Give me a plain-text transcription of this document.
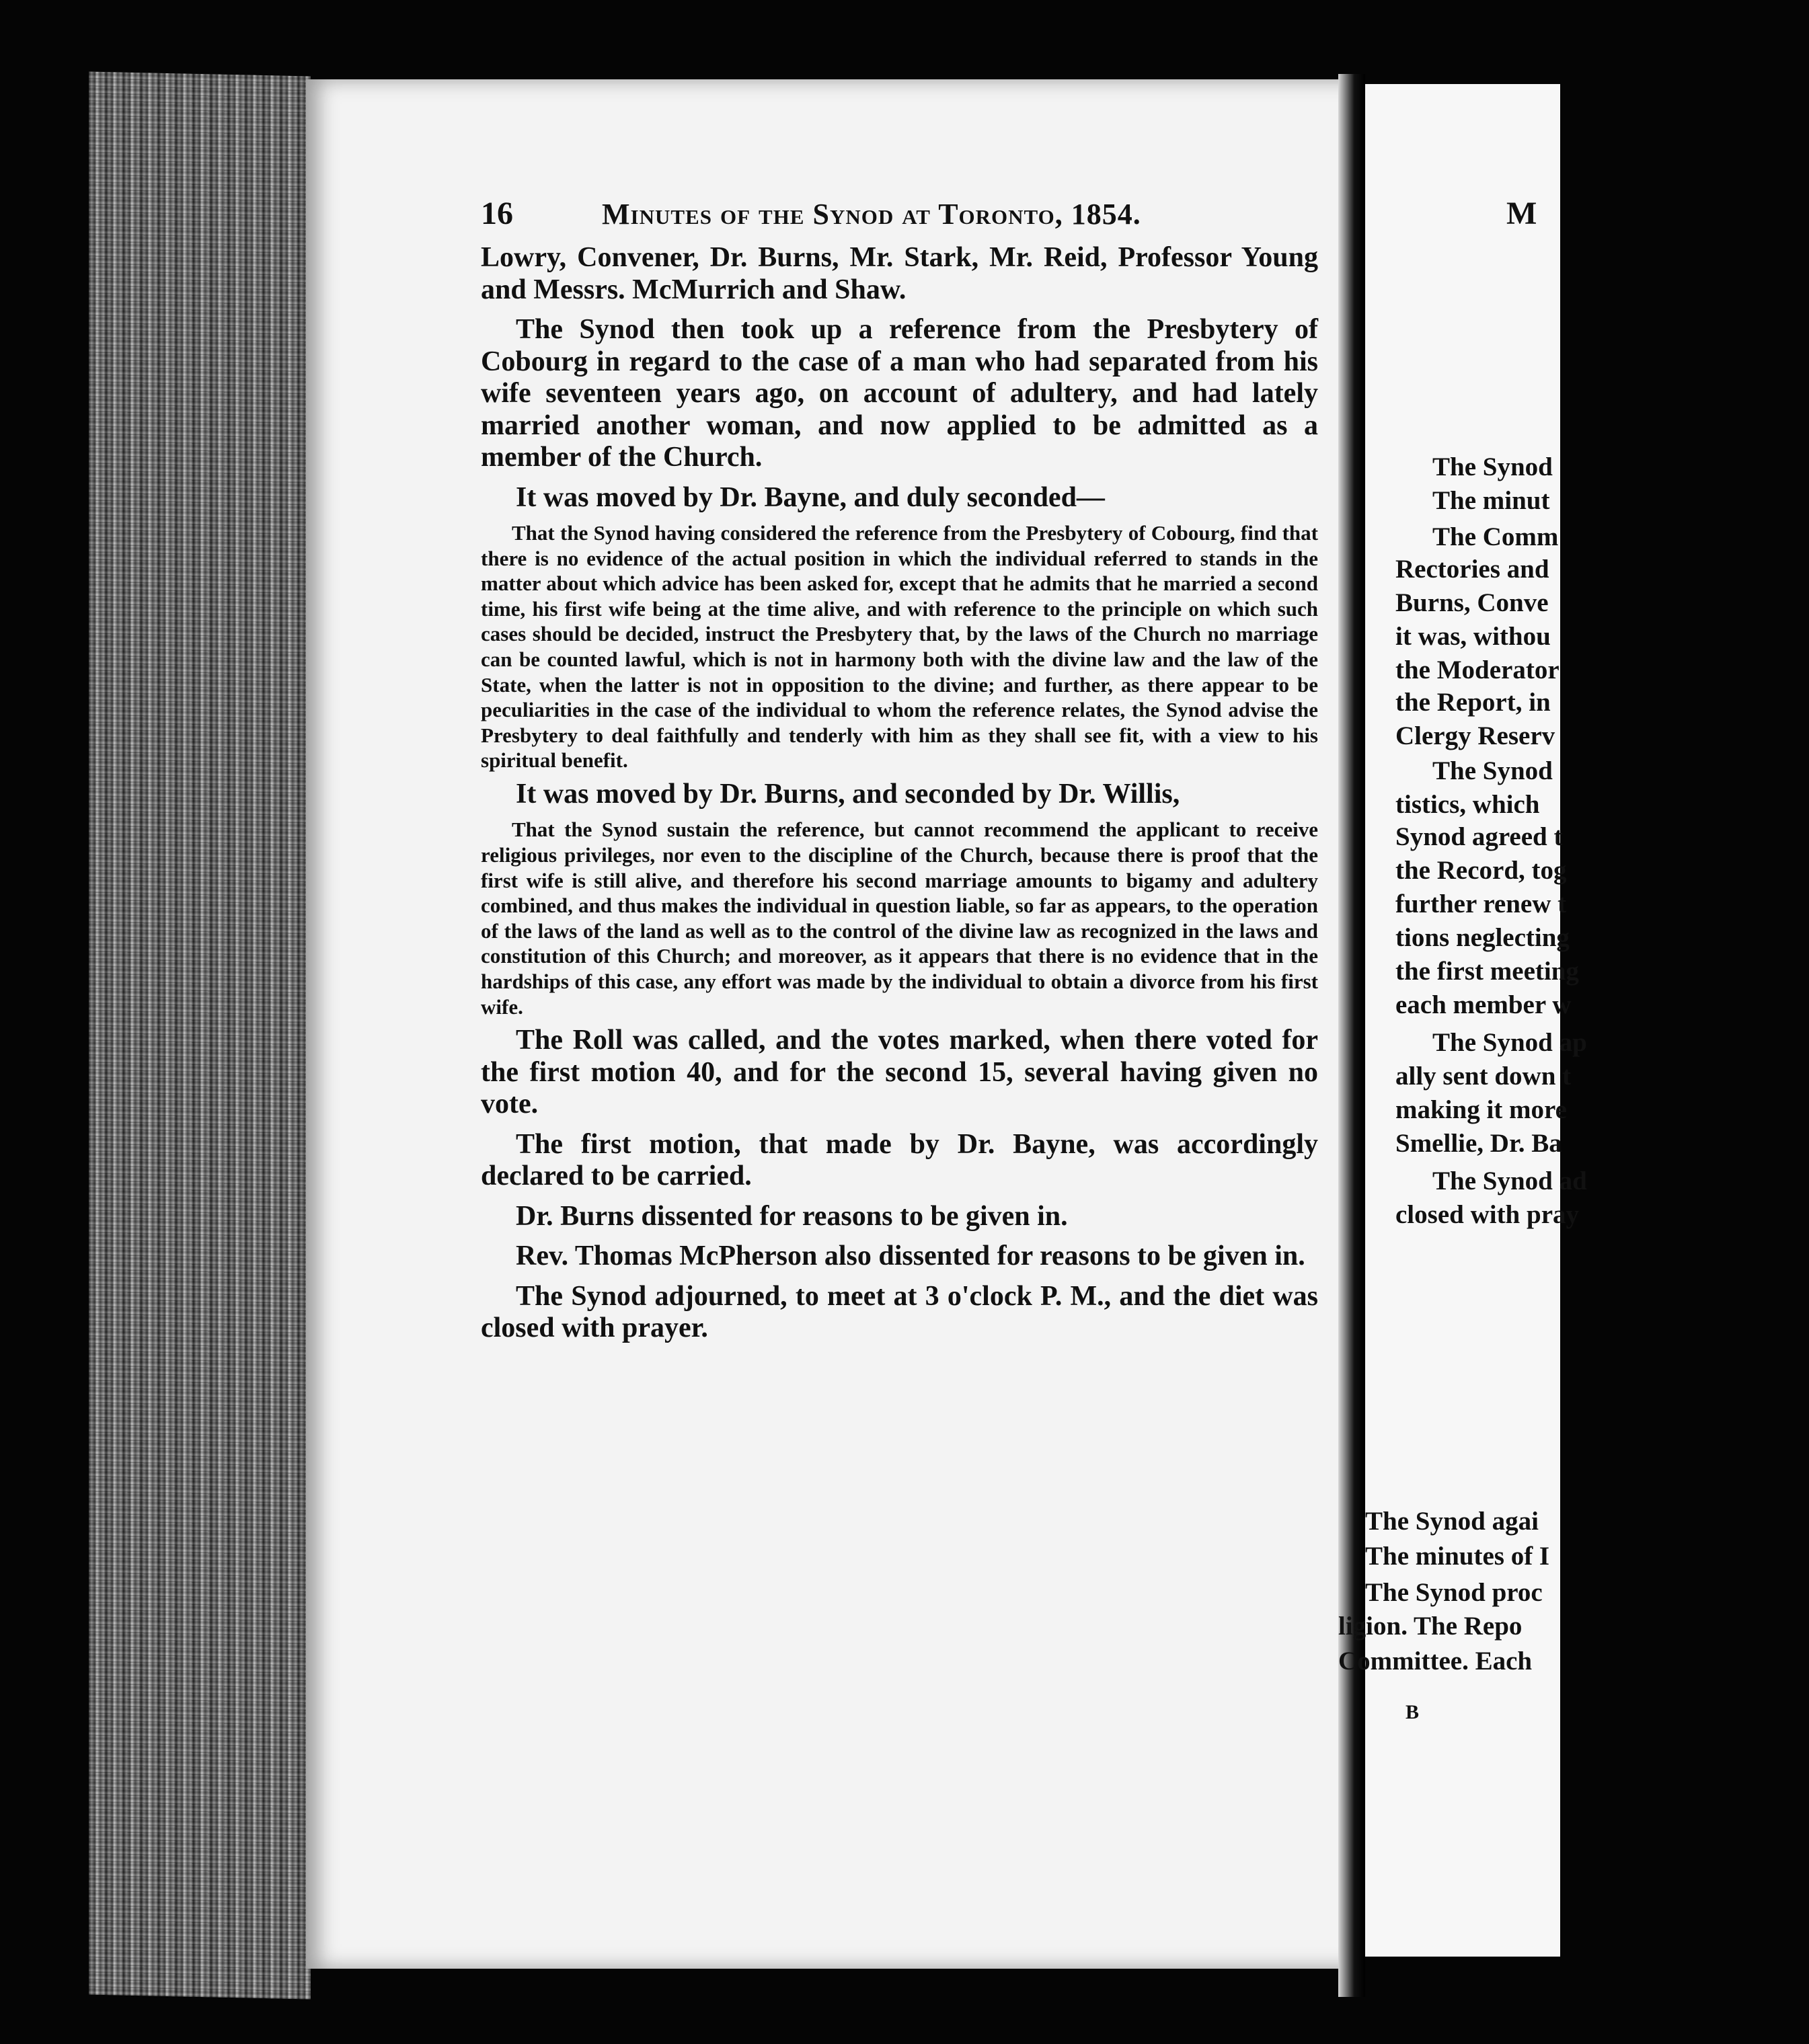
16	Minutes of the Synod at Toronto, 1854.

Lowry, Convener, Dr. Burns, Mr. Stark, Mr. Reid, Professor Young and Messrs. McMurrich and Shaw.

The Synod then took up a reference from the Presbytery of Cobourg in regard to the case of a man who had separated from his wife seventeen years ago, on account of adultery, and had lately married another woman, and now applied to be admitted as a member of the Church.

It was moved by Dr. Bayne, and duly seconded—

That the Synod having considered the reference from the Presbytery of Cobourg, find that there is no evidence of the actual position in which the individual referred to stands in the matter about which advice has been asked for, except that he admits that he married a second time, his first wife being at the time alive, and with reference to the principle on which such cases should be decided, instruct the Presbytery that, by the laws of the Church no marriage can be counted lawful, which is not in harmony both with the divine law and the law of the State, when the latter is not in opposition to the divine; and further, as there appear to be peculiarities in the case of the individual to whom the reference relates, the Synod advise the Presbytery to deal faithfully and tenderly with him as they shall see fit, with a view to his spiritual benefit.

It was moved by Dr. Burns, and seconded by Dr. Willis,

That the Synod sustain the reference, but cannot recommend the applicant to receive religious privileges, nor even to the discipline of the Church, because there is proof that the first wife is still alive, and therefore his second marriage amounts to bigamy and adultery combined, and thus makes the individual in question liable, so far as appears, to the operation of the laws of the land as well as to the control of the divine law as recognized in the laws and constitution of this Church; and moreover, as it appears that there is no evidence that in the hardships of this case, any effort was made by the individual to obtain a divorce from his first wife.

The Roll was called, and the votes marked, when there voted for the first motion 40, and for the second 15, several having given no vote.

The first motion, that made by Dr. Bayne, was accordingly declared to be carried.

Dr. Burns dissented for reasons to be given in.

Rev. Thomas McPherson also dissented for reasons to be given in.

The Synod adjourned, to meet at 3 o'clock P. M., and the diet was closed with prayer.

M
The Synod
The minut
The Comm
Rectories and
Burns, Conve
it was, withou
the Moderator
the Report, in
Clergy Reserv
The Synod
tistics, which
Synod agreed t
the Record, tog
further renew t
tions neglecting
the first meeting
each member w
The Synod ap
ally sent down t
making it more
Smellie, Dr. Ba
The Synod ad
closed with pray
The Synod agai
The minutes of I
The Synod proc
ligion. The Repo
Committee. Each
B
